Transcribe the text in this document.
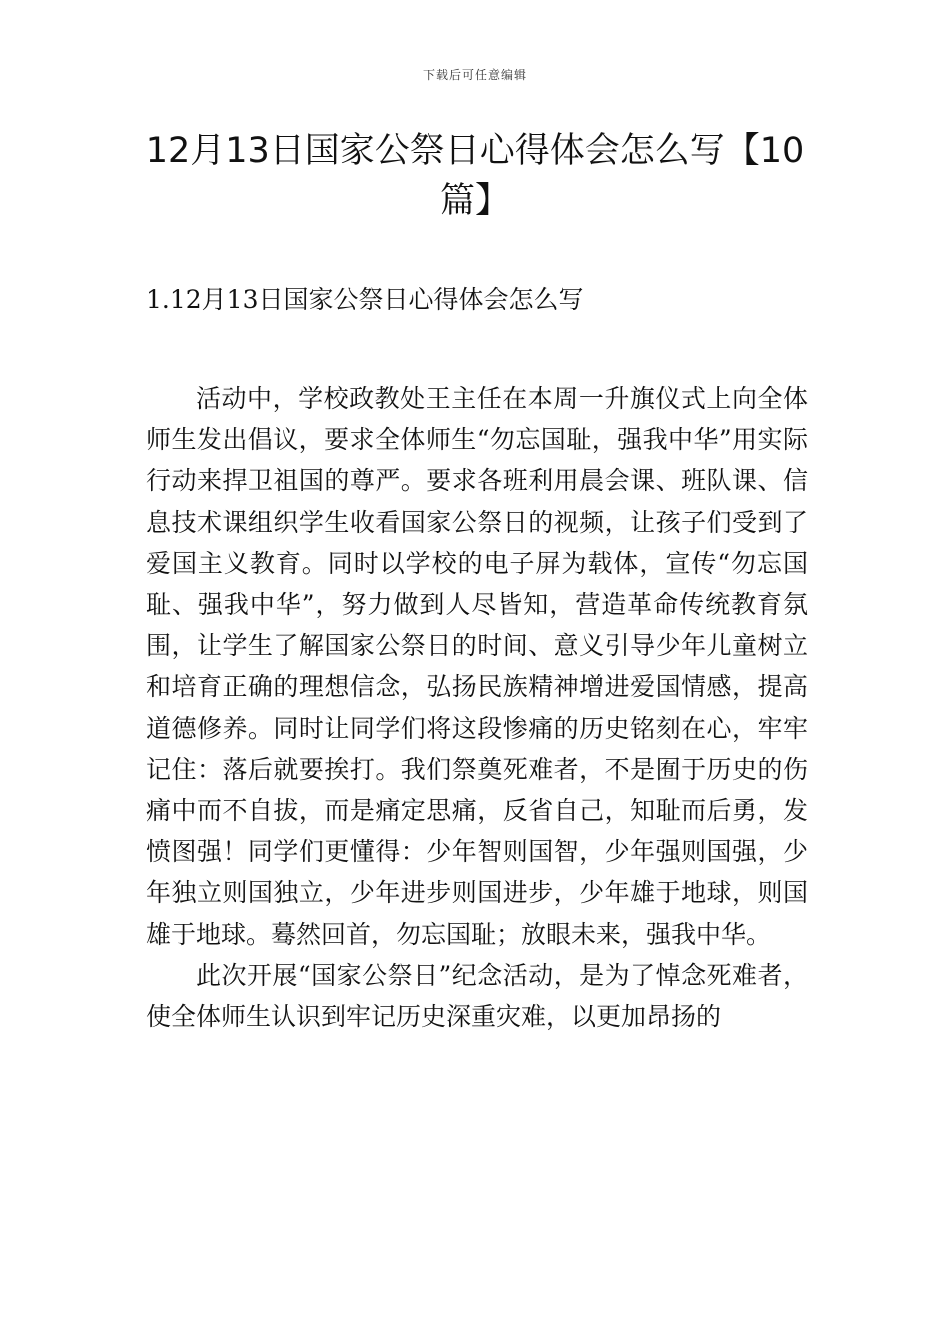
下载后可任意编辑
12月13日国家公祭日心得体会怎么写【10篇】
1.12月13日国家公祭日心得体会怎么写

活动中，学校政教处王主任在本周一升旗仪式上向全体师生发出倡议，要求全体师生“勿忘国耻，强我中华”用实际行动来捍卫祖国的尊严。要求各班利用晨会课、班队课、信息技术课组织学生收看国家公祭日的视频，让孩子们受到了爱国主义教育。同时以学校的电子屏为载体，宣传“勿忘国耻、强我中华”，努力做到人尽皆知，营造革命传统教育氛围，让学生了解国家公祭日的时间、意义引导少年儿童树立和培育正确的理想信念，弘扬民族精神增进爱国情感，提高道德修养。同时让同学们将这段惨痛的历史铭刻在心，牢牢记住：落后就要挨打。我们祭奠死难者，不是囿于历史的伤痛中而不自拔，而是痛定思痛，反省自己，知耻而后勇，发愤图强！同学们更懂得：少年智则国智，少年强则国强，少年独立则国独立，少年进步则国进步，少年雄于地球，则国雄于地球。蓦然回首，勿忘国耻；放眼未来，强我中华。

此次开展“国家公祭日”纪念活动，是为了悼念死难者，使全体师生认识到牢记历史深重灾难，以更加昂扬的
